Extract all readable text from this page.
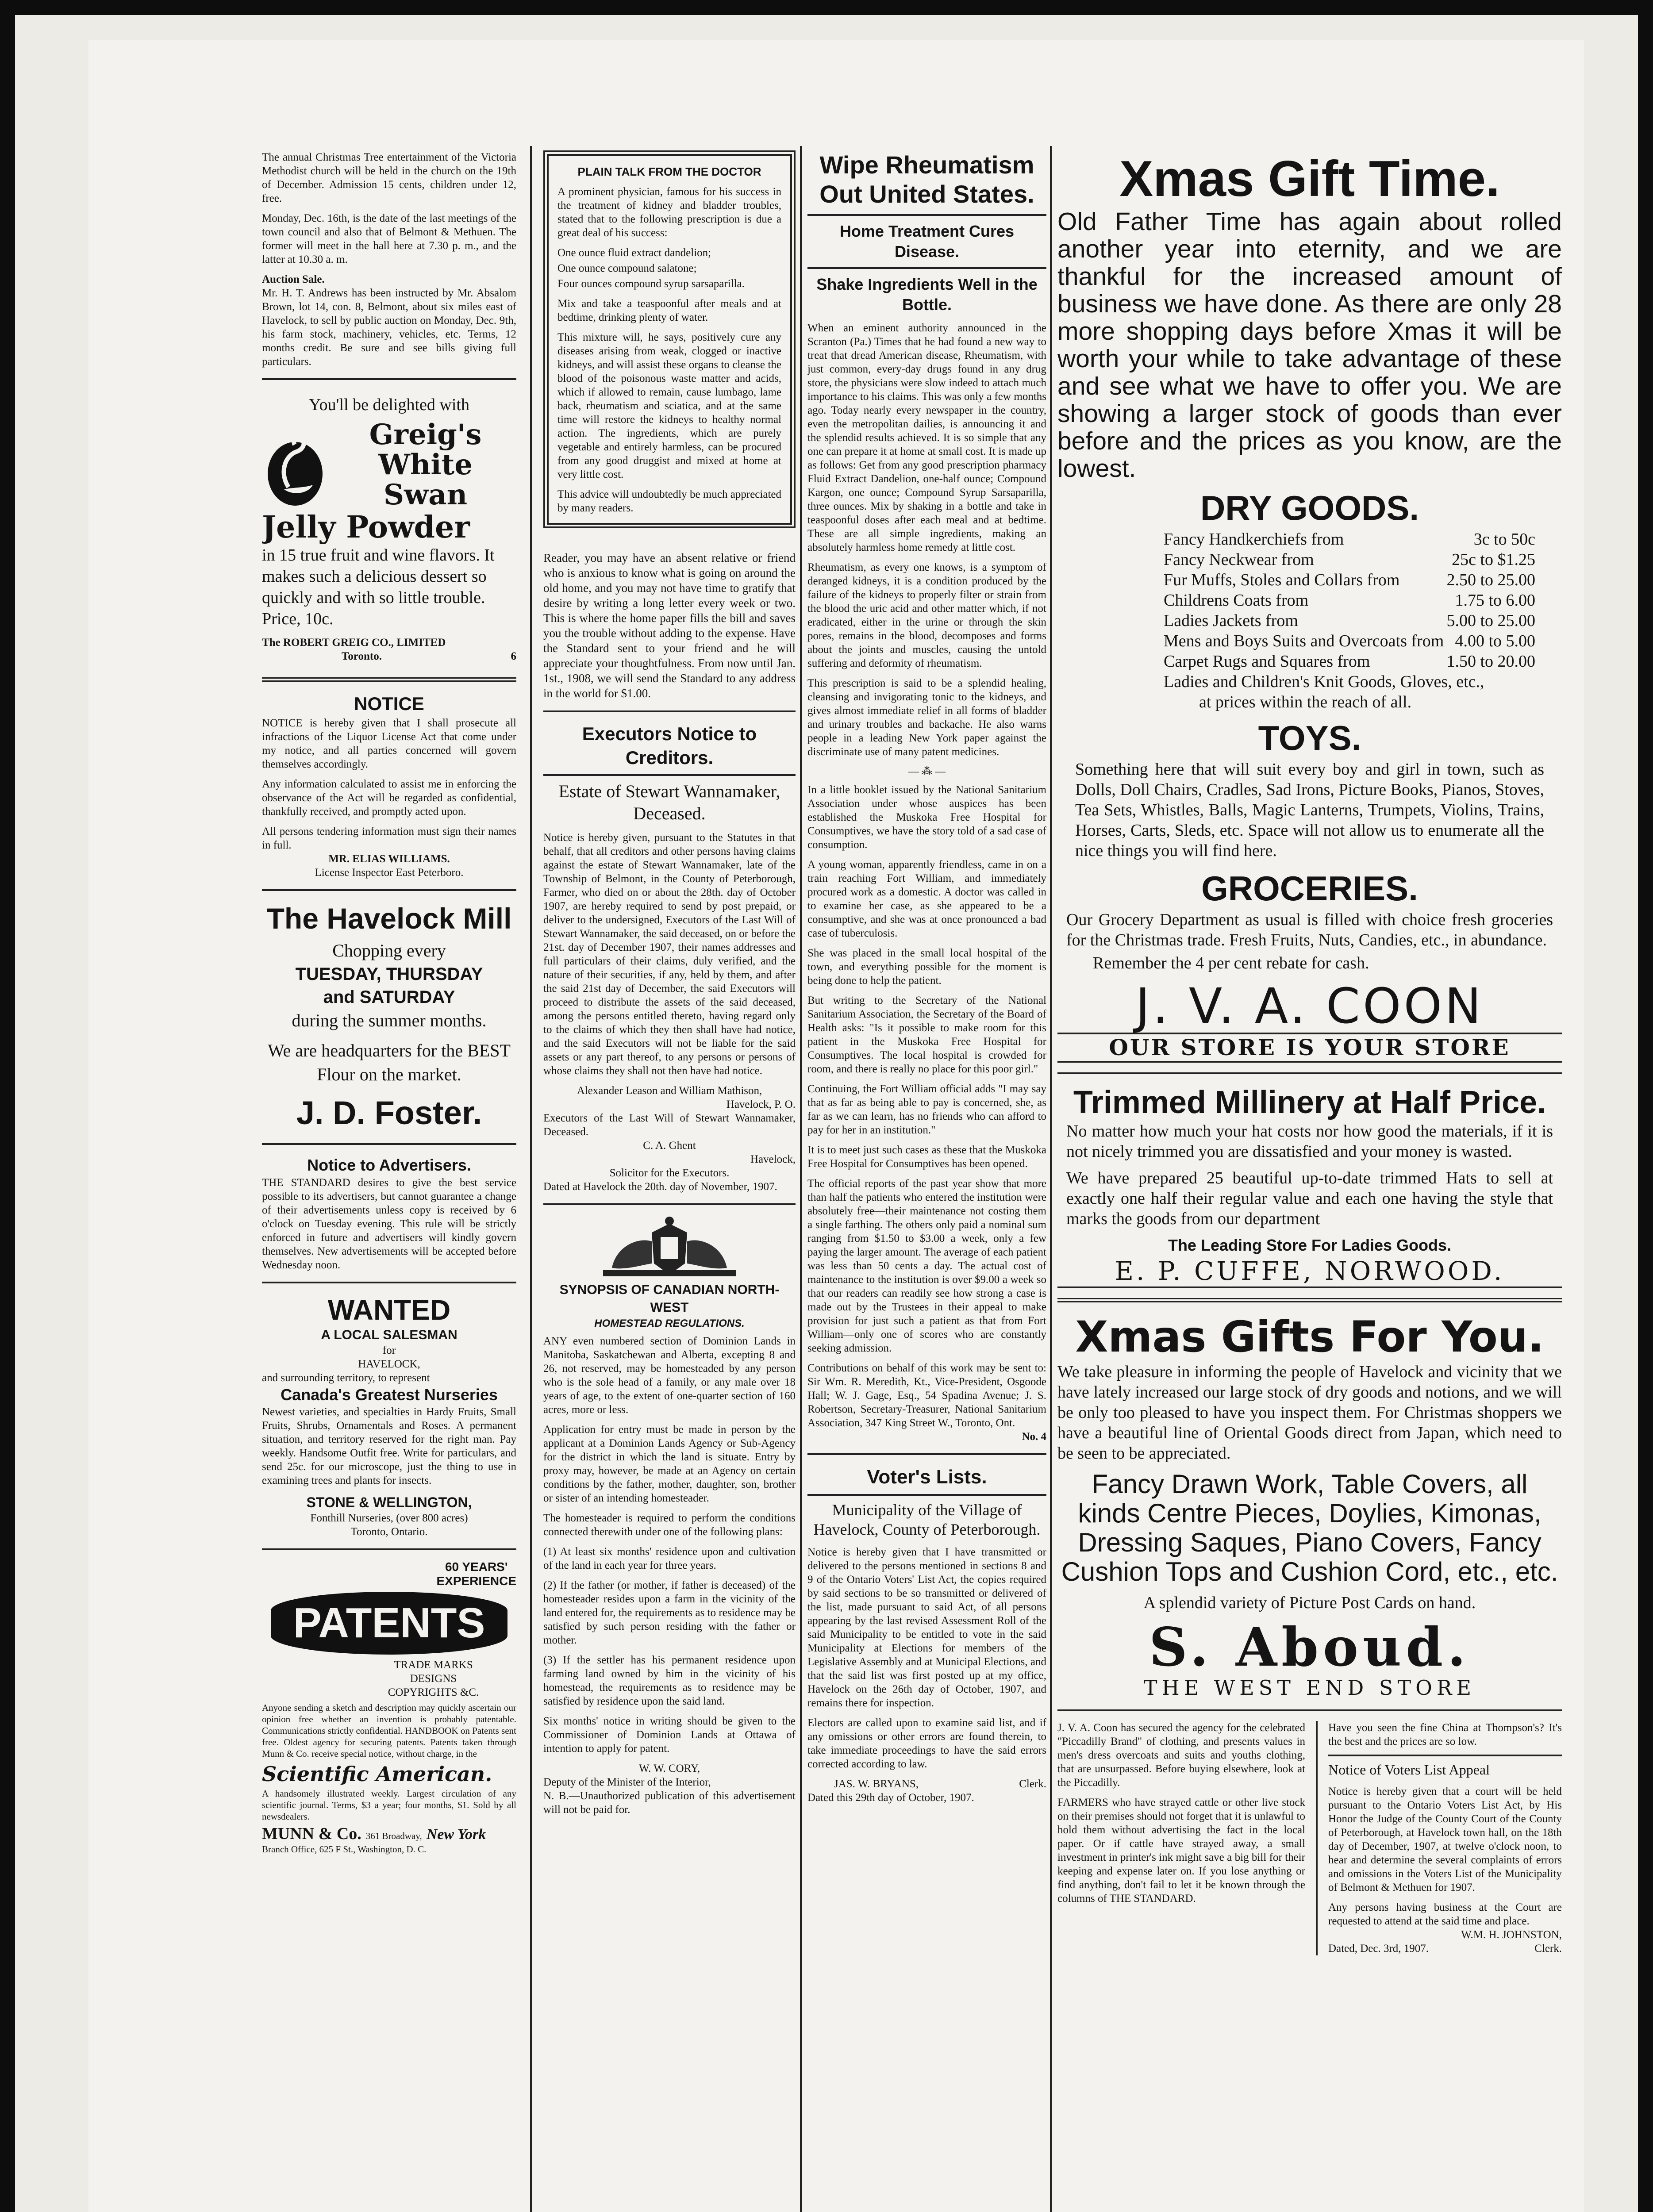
The annual Christmas Tree entertainment of the Victoria Methodist church will be held in the church on the 19th of December. Admission 15 cents, children under 12, free.

Monday, Dec. 16th, is the date of the last meetings of the town council and also that of Belmont & Methuen. The former will meet in the hall here at 7.30 p. m., and the latter at 10.30 a. m.

Auction Sale.

Mr. H. T. Andrews has been instructed by Mr. Absalom Brown, lot 14, con. 8, Belmont, about six miles east of Havelock, to sell by public auction on Monday, Dec. 9th, his farm stock, machinery, vehicles, etc. Terms, 12 months credit. Be sure and see bills giving full particulars.

You'll be delighted with

Greig's

White

Swan

Jelly Powder

in 15 true fruit and wine flavors. It makes such a delicious dessert so quickly and with so little trouble. Price, 10c.

The ROBERT GREIG CO., LIMITED

Toronto.	6

NOTICE

NOTICE is hereby given that I shall prosecute all infractions of the Liquor License Act that come under my notice, and all parties concerned will govern themselves accordingly.

Any information calculated to assist me in enforcing the observance of the Act will be regarded as confidential, thankfully received, and promptly acted upon.

All persons tendering information must sign their names in full.

MR. ELIAS WILLIAMS.

License Inspector East Peterboro.

The Havelock Mill

Chopping every

TUESDAY, THURSDAY

and SATURDAY

during the summer months.

We are headquarters for the BEST Flour on the market.

J. D. Foster.

Notice to Advertisers.

THE STANDARD desires to give the best service possible to its advertisers, but cannot guarantee a change of their advertisements unless copy is received by 6 o'clock on Tuesday evening. This rule will be strictly enforced in future and advertisers will kindly govern themselves. New advertisements will be accepted before Wednesday noon.

WANTED

A LOCAL SALESMAN

for

HAVELOCK,

and surrounding territory, to represent

Canada's Greatest Nurseries

Newest varieties, and specialties in Hardy Fruits, Small Fruits, Shrubs, Ornamentals and Roses. A permanent situation, and territory reserved for the right man. Pay weekly. Handsome Outfit free. Write for particulars, and send 25c. for our microscope, just the thing to use in examining trees and plants for insects.

STONE & WELLINGTON,

Fonthill Nurseries, (over 800 acres)

Toronto, Ontario.

60 YEARS'

EXPERIENCE

PATENTS

TRADE MARKS

DESIGNS

COPYRIGHTS &C.

Anyone sending a sketch and description may quickly ascertain our opinion free whether an invention is probably patentable. Communications strictly confidential. HANDBOOK on Patents sent free. Oldest agency for securing patents. Patents taken through Munn & Co. receive special notice, without charge, in the

Scientific American.

A handsomely illustrated weekly. Largest circulation of any scientific journal. Terms, $3 a year; four months, $1. Sold by all newsdealers.

MUNN & Co. 361 Broadway, New York

Branch Office, 625 F St., Washington, D. C.

PLAIN TALK FROM THE DOCTOR

A prominent physician, famous for his success in the treatment of kidney and bladder troubles, stated that to the following prescription is due a great deal of his success:

One ounce fluid extract dandelion;

One ounce compound salatone;

Four ounces compound syrup sarsaparilla.

Mix and take a teaspoonful after meals and at bedtime, drinking plenty of water.

This mixture will, he says, positively cure any diseases arising from weak, clogged or inactive kidneys, and will assist these organs to cleanse the blood of the poisonous waste matter and acids, which if allowed to remain, cause lumbago, lame back, rheumatism and sciatica, and at the same time will restore the kidneys to healthy normal action. The ingredients, which are purely vegetable and entirely harmless, can be procured from any good druggist and mixed at home at very little cost.

This advice will undoubtedly be much appreciated by many readers.

Reader, you may have an absent relative or friend who is anxious to know what is going on around the old home, and you may not have time to gratify that desire by writing a long letter every week or two. This is where the home paper fills the bill and saves you the trouble without adding to the expense. Have the Standard sent to your friend and he will appreciate your thoughtfulness. From now until Jan. 1st., 1908, we will send the Standard to any address in the world for $1.00.

Executors Notice to Creditors.

Estate of Stewart Wannamaker, Deceased.

Notice is hereby given, pursuant to the Statutes in that behalf, that all creditors and other persons having claims against the estate of Stewart Wannamaker, late of the Township of Belmont, in the County of Peterborough, Farmer, who died on or about the 28th. day of October 1907, are hereby required to send by post prepaid, or deliver to the undersigned, Executors of the Last Will of Stewart Wannamaker, the said deceased, on or before the 21st. day of December 1907, their names addresses and full particulars of their claims, duly verified, and the nature of their securities, if any, held by them, and after the said 21st day of December, the said Executors will proceed to distribute the assets of the said deceased, among the persons entitled thereto, having regard only to the claims of which they then shall have had notice, and the said Executors will not be liable for the said assets or any part thereof, to any persons or persons of whose claims they shall not then have had notice.

Alexander Leason and William Mathison,

Havelock, P. O.

Executors of the Last Will of Stewart Wannamaker, Deceased.

C. A. Ghent

Havelock,

Solicitor for the Executors.

Dated at Havelock the 20th. day of November, 1907.

SYNOPSIS OF CANADIAN NORTH-WEST

HOMESTEAD REGULATIONS.

ANY even numbered section of Dominion Lands in Manitoba, Saskatchewan and Alberta, excepting 8 and 26, not reserved, may be homesteaded by any person who is the sole head of a family, or any male over 18 years of age, to the extent of one-quarter section of 160 acres, more or less.

Application for entry must be made in person by the applicant at a Dominion Lands Agency or Sub-Agency for the district in which the land is situate. Entry by proxy may, however, be made at an Agency on certain conditions by the father, mother, daughter, son, brother or sister of an intending homesteader.

The homesteader is required to perform the conditions connected therewith under one of the following plans:

(1) At least six months' residence upon and cultivation of the land in each year for three years.

(2) If the father (or mother, if father is deceased) of the homesteader resides upon a farm in the vicinity of the land entered for, the requirements as to residence may be satisfied by such person residing with the father or mother.

(3) If the settler has his permanent residence upon farming land owned by him in the vicinity of his homestead, the requirements as to residence may be satisfied by residence upon the said land.

Six months' notice in writing should be given to the Commissioner of Dominion Lands at Ottawa of intention to apply for patent.

W. W. CORY,

Deputy of the Minister of the Interior,

N. B.—Unauthorized publication of this advertisement will not be paid for.

Wipe Rheumatism Out United States.

Home Treatment Cures Disease.

Shake Ingredients Well in the Bottle.

When an eminent authority announced in the Scranton (Pa.) Times that he had found a new way to treat that dread American disease, Rheumatism, with just common, every-day drugs found in any drug store, the physicians were slow indeed to attach much importance to his claims. This was only a few months ago. Today nearly every newspaper in the country, even the metropolitan dailies, is announcing it and the splendid results achieved. It is so simple that any one can prepare it at home at small cost. It is made up as follows: Get from any good prescription pharmacy Fluid Extract Dandelion, one-half ounce; Compound Kargon, one ounce; Compound Syrup Sarsaparilla, three ounces. Mix by shaking in a bottle and take in teaspoonful doses after each meal and at bedtime. These are all simple ingredients, making an absolutely harmless home remedy at little cost.

Rheumatism, as every one knows, is a symptom of deranged kidneys, it is a condition produced by the failure of the kidneys to properly filter or strain from the blood the uric acid and other matter which, if not eradicated, either in the urine or through the skin pores, remains in the blood, decomposes and forms about the joints and muscles, causing the untold suffering and deformity of rheumatism.

This prescription is said to be a splendid healing, cleansing and invigorating tonic to the kidneys, and gives almost immediate relief in all forms of bladder and urinary troubles and backache. He also warns people in a leading New York paper against the discriminate use of many patent medicines.

— ⁂ —

In a little booklet issued by the National Sanitarium Association under whose auspices has been established the Muskoka Free Hospital for Consumptives, we have the story told of a sad case of consumption.

A young woman, apparently friendless, came in on a train reaching Fort William, and immediately procured work as a domestic. A doctor was called in to examine her case, as she appeared to be a consumptive, and she was at once pronounced a bad case of tuberculosis.

She was placed in the small local hospital of the town, and everything possible for the moment is being done to help the patient.

But writing to the Secretary of the National Sanitarium Association, the Secretary of the Board of Health asks: "Is it possible to make room for this patient in the Muskoka Free Hospital for Consumptives. The local hospital is crowded for room, and there is really no place for this poor girl."

Continuing, the Fort William official adds "I may say that as far as being able to pay is concerned, she, as far as we can learn, has no friends who can afford to pay for her in an institution."

It is to meet just such cases as these that the Muskoka Free Hospital for Consumptives has been opened.

The official reports of the past year show that more than half the patients who entered the institution were absolutely free—their maintenance not costing them a single farthing. The others only paid a nominal sum ranging from $1.50 to $3.00 a week, only a few paying the larger amount. The average of each patient was less than 50 cents a day. The actual cost of maintenance to the institution is over $9.00 a week so that our readers can readily see how strong a case is made out by the Trustees in their appeal to make provision for just such a patient as that from Fort William—only one of scores who are constantly seeking admission.

Contributions on behalf of this work may be sent to: Sir Wm. R. Meredith, Kt., Vice-President, Osgoode Hall; W. J. Gage, Esq., 54 Spadina Avenue; J. S. Robertson, Secretary-Treasurer, National Sanitarium Association, 347 King Street W., Toronto, Ont.

No. 4

Voter's Lists.

Municipality of the Village of Havelock, County of Peterborough.

Notice is hereby given that I have transmitted or delivered to the persons mentioned in sections 8 and 9 of the Ontario Voters' List Act, the copies required by said sections to be so transmitted or delivered of the list, made pursuant to said Act, of all persons appearing by the last revised Assessment Roll of the said Municipality to be entitled to vote in the said Municipality at Elections for members of the Legislative Assembly and at Municipal Elections, and that the said list was first posted up at my office, Havelock on the 26th day of October, 1907, and remains there for inspection.

Electors are called upon to examine said list, and if any omissions or other errors are found therein, to take immediate proceedings to have the said errors corrected according to law.

JAS. W. BRYANS,	Clerk.

Dated this 29th day of October, 1907.

Xmas Gift Time.

Old Father Time has again about rolled another year into eternity, and we are thankful for the increased amount of business we have done. As there are only 28 more shopping days before Xmas it will be worth your while to take advantage of these and see what we have to offer you. We are showing a larger stock of goods than ever before and the prices as you know, are the lowest.

DRY GOODS.

Fancy Handkerchiefs from	3c to 50c
Fancy Neckwear from	25c to $1.25
Fur Muffs, Stoles and Collars from	2.50 to 25.00
Childrens Coats from	1.75 to 6.00
Ladies Jackets from	5.00 to 25.00
Mens and Boys Suits and Overcoats from 4.00 to 5.00
Carpet Rugs and Squares from	1.50 to 20.00

Ladies and Children's Knit Goods, Gloves, etc.,

at prices within the reach of all.

TOYS.

Something here that will suit every boy and girl in town, such as Dolls, Doll Chairs, Cradles, Sad Irons, Picture Books, Pianos, Stoves, Tea Sets, Whistles, Balls, Magic Lanterns, Trumpets, Violins, Trains, Horses, Carts, Sleds, etc. Space will not allow us to enumerate all the nice things you will find here.

GROCERIES.

Our Grocery Department as usual is filled with choice fresh groceries for the Christmas trade. Fresh Fruits, Nuts, Candies, etc., in abundance.

Remember the 4 per cent rebate for cash.

J. V. A. COON

OUR STORE IS YOUR STORE

Trimmed Millinery at Half Price.

No matter how much your hat costs nor how good the materials, if it is not nicely trimmed you are dissatisfied and your money is wasted.

We have prepared 25 beautiful up-to-date trimmed Hats to sell at exactly one half their regular value and each one having the style that marks the goods from our department

The Leading Store For Ladies Goods.

E. P. CUFFE, NORWOOD.

Xmas Gifts For You.

We take pleasure in informing the people of Havelock and vicinity that we have lately increased our large stock of dry goods and notions, and we will be only too pleased to have you inspect them. For Christmas shoppers we have a beautiful line of Oriental Goods direct from Japan, which need to be seen to be appreciated.

Fancy Drawn Work, Table Covers, all kinds Centre Pieces, Doylies, Kimonas, Dressing Saques, Piano Covers, Fancy Cushion Tops and Cushion Cord, etc., etc.

A splendid variety of Picture Post Cards on hand.

S. Aboud.

THE WEST END STORE

J. V. A. Coon has secured the agency for the celebrated "Piccadilly Brand" of clothing, and presents values in men's dress overcoats and suits and youths clothing, that are unsurpassed. Before buying elsewhere, look at the Piccadilly.

FARMERS who have strayed cattle or other live stock on their premises should not forget that it is unlawful to hold them without advertising the fact in the local paper. Or if cattle have strayed away, a small investment in printer's ink might save a big bill for their keeping and expense later on. If you lose anything or find anything, don't fail to let it be known through the columns of THE STANDARD.

Have you seen the fine China at Thompson's? It's the best and the prices are so low.

Notice of Voters List Appeal

Notice is hereby given that a court will be held pursuant to the Ontario Voters List Act, by His Honor the Judge of the County Court of the County of Peterborough, at Havelock town hall, on the 18th day of December, 1907, at twelve o'clock noon, to hear and determine the several complaints of errors and omissions in the Voters List of the Municipality of Belmont & Methuen for 1907.

Any persons having business at the Court are requested to attend at the said time and place.

W.M. H. JOHNSTON,

Dated, Dec. 3rd, 1907.	Clerk.
